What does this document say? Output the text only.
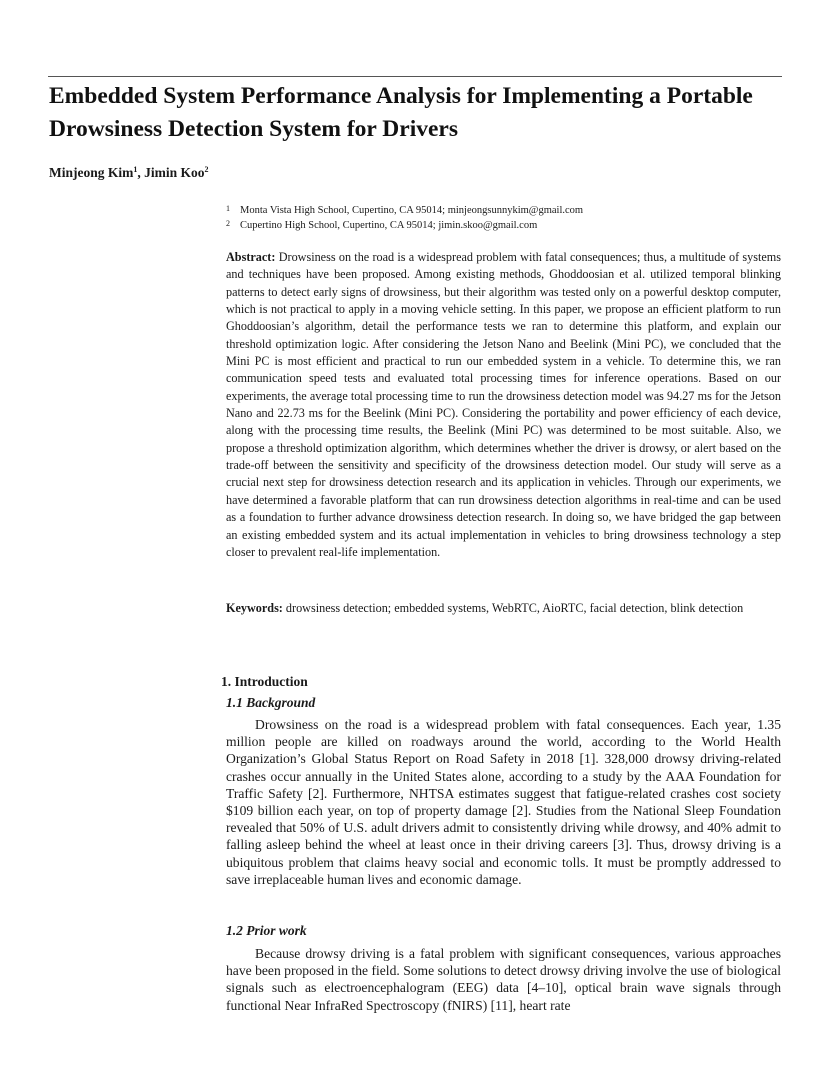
Embedded System Performance Analysis for Implementing a Portable Drowsiness Detection System for Drivers
Minjeong Kim$^1$, Jimin Koo$^2$
1 Monta Vista High School, Cupertino, CA 95014; minjeongsunnykim@gmail.com
2 Cupertino High School, Cupertino, CA 95014; jimin.skoo@gmail.com

Abstract: Drowsiness on the road is a widespread problem with fatal consequences; thus, a multitude of systems and techniques have been proposed. Among existing methods, Ghoddoosian et al. utilized temporal blinking patterns to detect early signs of drowsiness, but their algorithm was tested only on a powerful desktop computer, which is not practical to apply in a moving vehicle setting. In this paper, we propose an efficient platform to run Ghoddoosian’s algorithm, detail the performance tests we ran to determine this platform, and explain our threshold optimization logic. After considering the Jetson Nano and Beelink (Mini PC), we concluded that the Mini PC is most efficient and practical to run our embedded system in a vehicle. To determine this, we ran communication speed tests and evaluated total processing times for inference operations. Based on our experiments, the average total processing time to run the drowsiness detection model was 94.27 ms for the Jetson Nano and 22.73 ms for the Beelink (Mini PC). Considering the portability and power efficiency of each device, along with the processing time results, the Beelink (Mini PC) was determined to be most suitable. Also, we propose a threshold optimization algorithm, which determines whether the driver is drowsy, or alert based on the trade-off between the sensitivity and specificity of the drowsiness detection model. Our study will serve as a crucial next step for drowsiness detection research and its application in vehicles. Through our experiments, we have determined a favorable platform that can run drowsiness detection algorithms in real-time and can be used as a foundation to further advance drowsiness detection research. In doing so, we have bridged the gap between an existing embedded system and its actual implementation in vehicles to bring drowsiness technology a step closer to prevalent real-life implementation.

Keywords: drowsiness detection; embedded systems, WebRTC, AioRTC, facial detection, blink detection

1. Introduction
1.1 Background

Drowsiness on the road is a widespread problem with fatal consequences. Each year, 1.35 million people are killed on roadways around the world, according to the World Health Organization’s Global Status Report on Road Safety in 2018 [1]. 328,000 drowsy driving-related crashes occur annually in the United States alone, according to a study by the AAA Foundation for Traffic Safety [2]. Furthermore, NHTSA estimates suggest that fatigue-related crashes cost society $109 billion each year, on top of property damage [2]. Studies from the National Sleep Foundation revealed that 50% of U.S. adult drivers admit to consistently driving while drowsy, and 40% admit to falling asleep behind the wheel at least once in their driving careers [3]. Thus, drowsy driving is a ubiquitous problem that claims heavy social and economic tolls. It must be promptly addressed to save irreplaceable human lives and economic damage.

1.2 Prior work

Because drowsy driving is a fatal problem with significant consequences, various approaches have been proposed in the field. Some solutions to detect drowsy driving involve the use of biological signals such as electroencephalogram (EEG) data [4–10], optical brain wave signals through functional Near InfraRed Spectroscopy (fNIRS) [11], heart rate
